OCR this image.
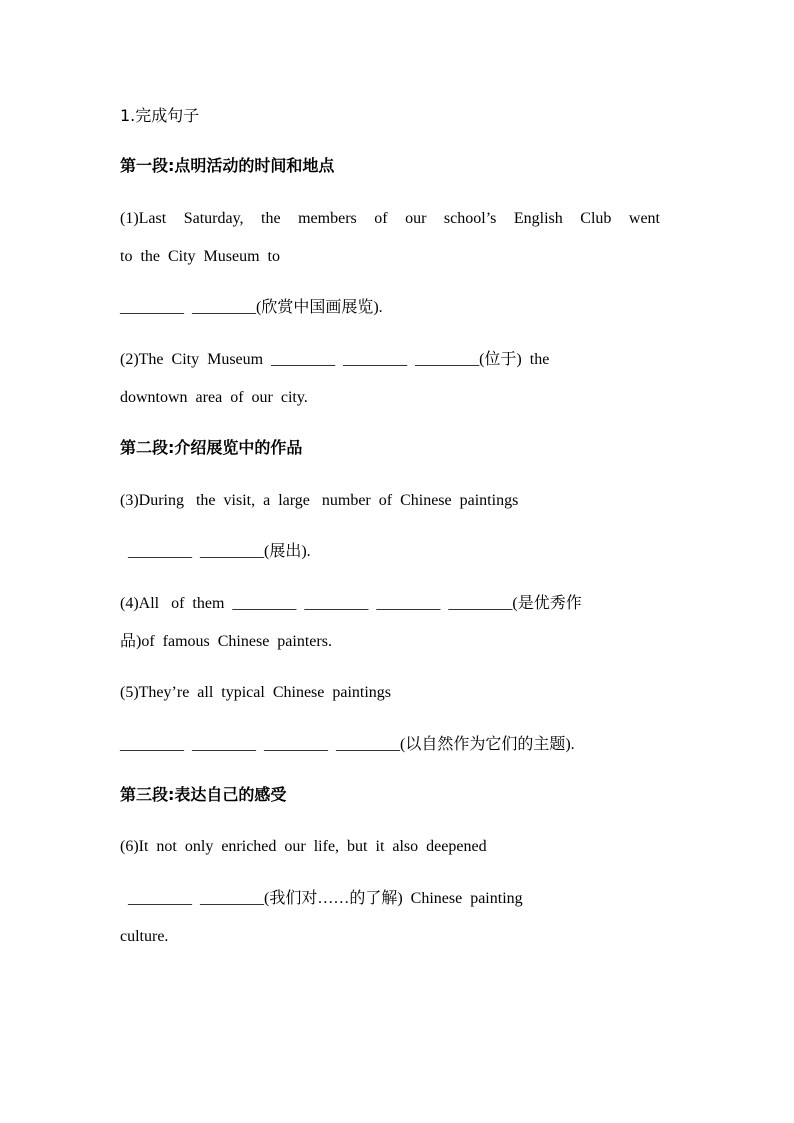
1.完成句子
第一段:点明活动的时间和地点
(1)Last Saturday, the members of our school’s English Club went
to  the  City  Museum  to
________  ________(欣赏中国画展览).
(2)The  City  Museum  ________  ________  ________(位于)  the
downtown  area  of  our  city.
第二段:介绍展览中的作品
(3)During   the  visit,  a  large   number  of  Chinese  paintings
________  ________(展出).
(4)All   of  them  ________  ________  ________  ________(是优秀作
品)of  famous  Chinese  painters.
(5)They’re  all  typical  Chinese  paintings
________  ________  ________  ________(以自然作为它们的主题).
第三段:表达自己的感受
(6)It  not  only  enriched  our  life,  but  it  also  deepened
________  ________(我们对……的了解)  Chinese  painting
culture.
